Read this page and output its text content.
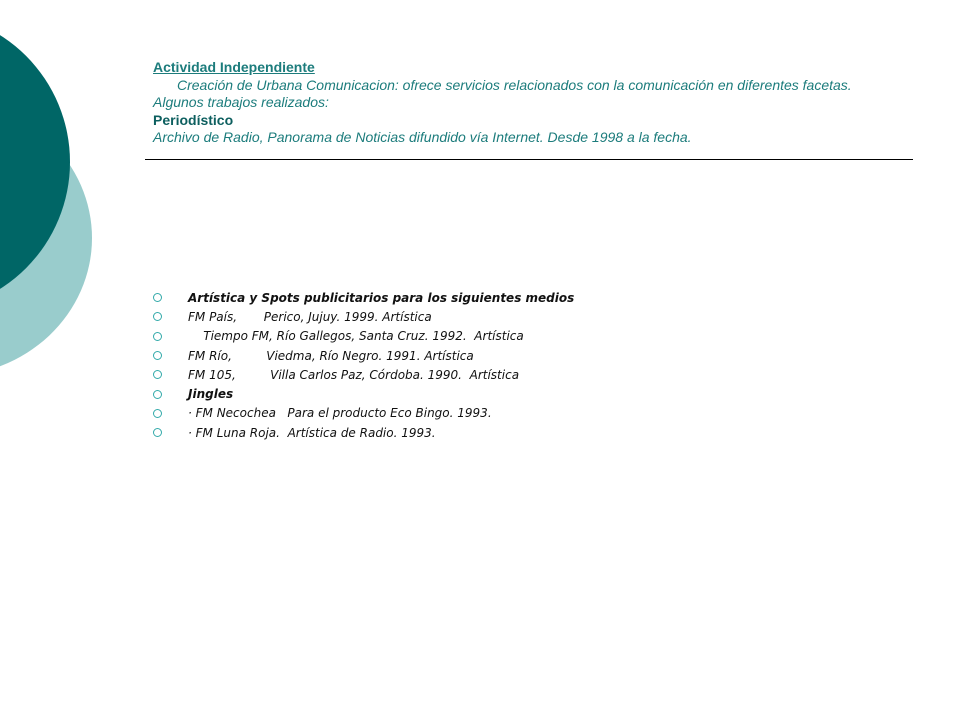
Actividad Independiente
Creación de Urbana Comunicacion: ofrece servicios relacionados con la comunicación en diferentes facetas.
Algunos trabajos realizados:
Periodístico
Archivo de Radio, Panorama de Noticias difundido vía Internet. Desde 1998 a la fecha.
Artística y Spots publicitarios para los siguientes medios
FM País,       Perico, Jujuy. 1999. Artística
Tiempo FM, Río Gallegos, Santa Cruz. 1992.  Artística
FM Río,         Viedma, Río Negro. 1991. Artística
FM 105,         Villa Carlos Paz, Córdoba. 1990.  Artística
Jingles
· FM Necochea   Para el producto Eco Bingo. 1993.
· FM Luna Roja.  Artística de Radio. 1993.
